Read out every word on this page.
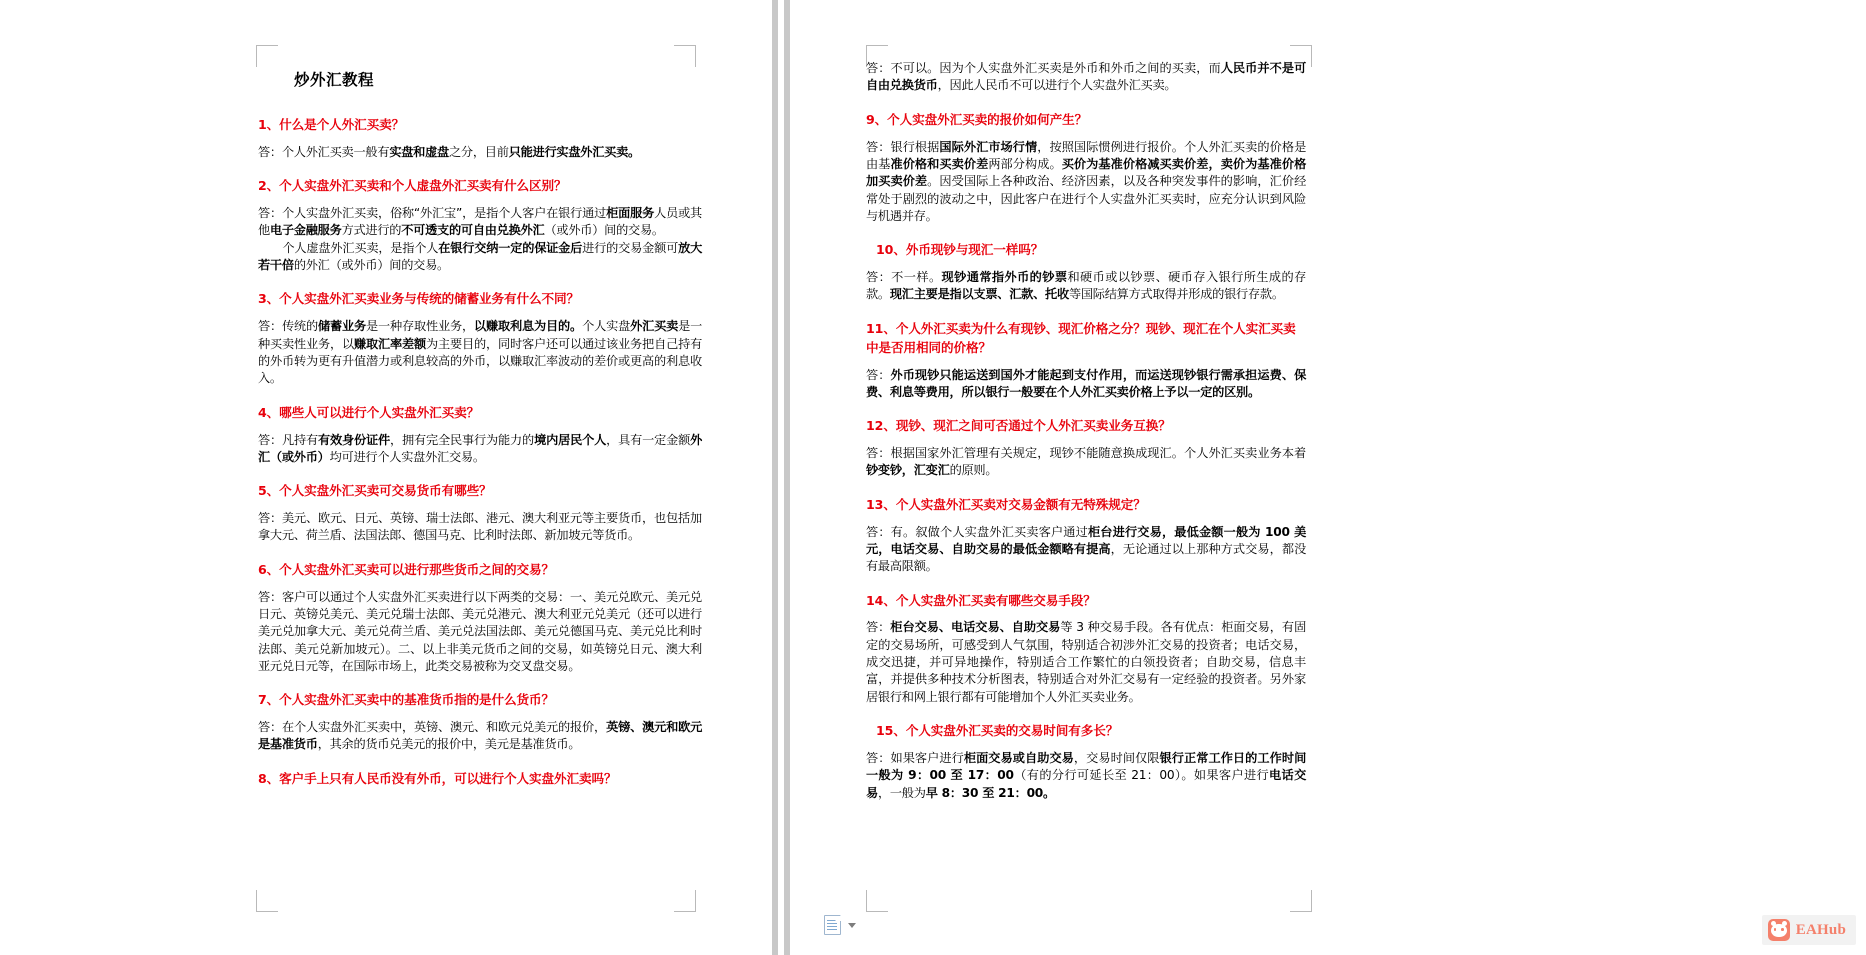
炒外汇教程
1、什么是个人外汇买卖？
答：个人外汇买卖一般有实盘和虚盘之分，目前只能进行实盘外汇买卖。
2、个人实盘外汇买卖和个人虚盘外汇买卖有什么区别？
答：个人实盘外汇买卖，俗称“外汇宝”，是指个人客户在银行通过柜面服务人员或其他电子金融服务方式进行的不可透支的可自由兑换外汇（或外币）间的交易。
个人虚盘外汇买卖，是指个人在银行交纳一定的保证金后进行的交易金额可放大若干倍的外汇（或外币）间的交易。
3、个人实盘外汇买卖业务与传统的储蓄业务有什么不同？
答：传统的储蓄业务是一种存取性业务，以赚取利息为目的。个人实盘外汇买卖是一种买卖性业务，以赚取汇率差额为主要目的，同时客户还可以通过该业务把自己持有的外币转为更有升值潜力或利息较高的外币，以赚取汇率波动的差价或更高的利息收入。
4、哪些人可以进行个人实盘外汇买卖？
答：凡持有有效身份证件，拥有完全民事行为能力的境内居民个人，具有一定金额外汇（或外币）均可进行个人实盘外汇交易。
5、个人实盘外汇买卖可交易货币有哪些？
答：美元、欧元、日元、英镑、瑞士法郎、港元、澳大利亚元等主要货币，也包括加拿大元、荷兰盾、法国法郎、德国马克、比利时法郎、新加坡元等货币。
6、个人实盘外汇买卖可以进行那些货币之间的交易？
答：客户可以通过个人实盘外汇买卖进行以下两类的交易：一、美元兑欧元、美元兑日元、英镑兑美元、美元兑瑞士法郎、美元兑港元、澳大利亚元兑美元（还可以进行美元兑加拿大元、美元兑荷兰盾、美元兑法国法郎、美元兑德国马克、美元兑比利时法郎、美元兑新加坡元）。二、以上非美元货币之间的交易，如英镑兑日元、澳大利亚元兑日元等，在国际市场上，此类交易被称为交叉盘交易。
7、个人实盘外汇买卖中的基准货币指的是什么货币？
答：在个人实盘外汇买卖中，英镑、澳元、和欧元兑美元的报价，英镑、澳元和欧元是基准货币，其余的货币兑美元的报价中，美元是基准货币。
8、客户手上只有人民币没有外币，可以进行个人实盘外汇卖吗？
答：不可以。因为个人实盘外汇买卖是外币和外币之间的买卖，而人民币并不是可自由兑换货币，因此人民币不可以进行个人实盘外汇买卖。
9、个人实盘外汇买卖的报价如何产生？
答：银行根据国际外汇市场行情，按照国际惯例进行报价。个人外汇买卖的价格是由基准价格和买卖价差两部分构成。买价为基准价格减买卖价差，卖价为基准价格加买卖价差。因受国际上各种政治、经济因素，以及各种突发事件的影响，汇价经常处于剧烈的波动之中，因此客户在进行个人实盘外汇买卖时，应充分认识到风险与机遇并存。
10、外币现钞与现汇一样吗？
答：不一样。现钞通常指外币的钞票和硬币或以钞票、硬币存入银行所生成的存款。现汇主要是指以支票、汇款、托收等国际结算方式取得并形成的银行存款。
11、个人外汇买卖为什么有现钞、现汇价格之分？现钞、现汇在个人实汇买卖中是否用相同的价格？
答：外币现钞只能运送到国外才能起到支付作用，而运送现钞银行需承担运费、保费、利息等费用，所以银行一般要在个人外汇买卖价格上予以一定的区别。
12、现钞、现汇之间可否通过个人外汇买卖业务互换？
答：根据国家外汇管理有关规定，现钞不能随意换成现汇。个人外汇买卖业务本着钞变钞，汇变汇的原则。
13、个人实盘外汇买卖对交易金额有无特殊规定？
答：有。叙做个人实盘外汇买卖客户通过柜台进行交易，最低金额一般为 100 美元，电话交易、自助交易的最低金额略有提高，无论通过以上那种方式交易，都没有最高限额。
14、个人实盘外汇买卖有哪些交易手段？
答：柜台交易、电话交易、自助交易等 3 种交易手段。各有优点：柜面交易，有固定的交易场所，可感受到人气氛围，特别适合初涉外汇交易的投资者；电话交易，成交迅捷，并可异地操作，特别适合工作繁忙的白领投资者；自助交易，信息丰富，并提供多种技术分析图表，特别适合对外汇交易有一定经验的投资者。另外家居银行和网上银行都有可能增加个人外汇买卖业务。
15、个人实盘外汇买卖的交易时间有多长？
答：如果客户进行柜面交易或自助交易，交易时间仅限银行正常工作日的工作时间一般为 9：00 至 17：00（有的分行可延长至 21：00）。如果客户进行电话交易，一般为早 8：30 至 21：00。
EAHub
